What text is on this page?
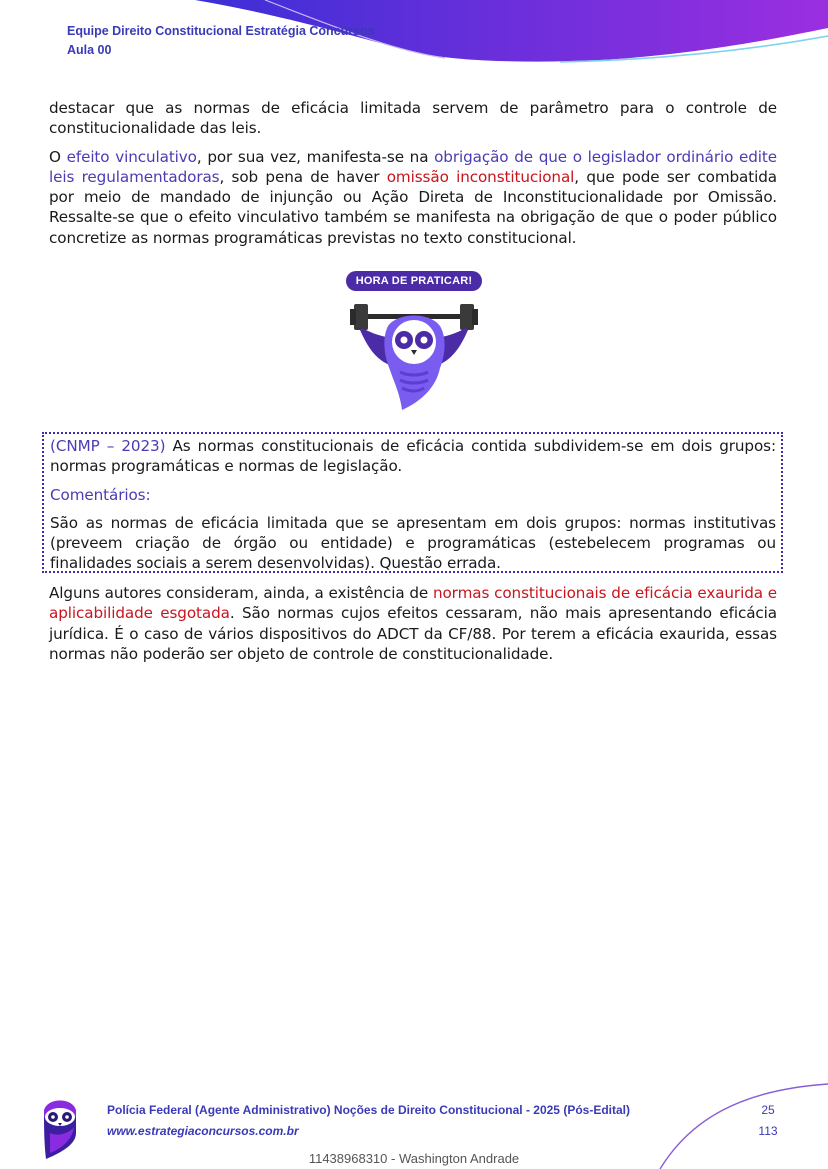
Equipe Direito Constitucional Estratégia Concursos
Aula 00

destacar que as normas de eficácia limitada servem de parâmetro para o controle de constitucionalidade das leis.

O efeito vinculativo, por sua vez, manifesta-se na obrigação de que o legislador ordinário edite leis regulamentadoras, sob pena de haver omissão inconstitucional, que pode ser combatida por meio de mandado de injunção ou Ação Direta de Inconstitucionalidade por Omissão. Ressalte-se que o efeito vinculativo também se manifesta na obrigação de que o poder público concretize as normas programáticas previstas no texto constitucional.

HORA DE PRATICAR!

(CNMP – 2023) As normas constitucionais de eficácia contida subdividem-se em dois grupos: normas programáticas e normas de legislação.

Comentários:

São as normas de eficácia limitada que se apresentam em dois grupos: normas institutivas (preveem criação de órgão ou entidade) e programáticas (estebelecem programas ou finalidades sociais a serem desenvolvidas). Questão errada.

Alguns autores consideram, ainda, a existência de normas constitucionais de eficácia exaurida e aplicabilidade esgotada. São normas cujos efeitos cessaram, não mais apresentando eficácia jurídica. É o caso de vários dispositivos do ADCT da CF/88. Por terem a eficácia exaurida, essas normas não poderão ser objeto de controle de constitucionalidade.

Polícia Federal (Agente Administrativo) Noções de Direito Constitucional - 2025 (Pós-Edital)
www.estrategiaconcursos.com.br
25
113
11438968310 - Washington Andrade
